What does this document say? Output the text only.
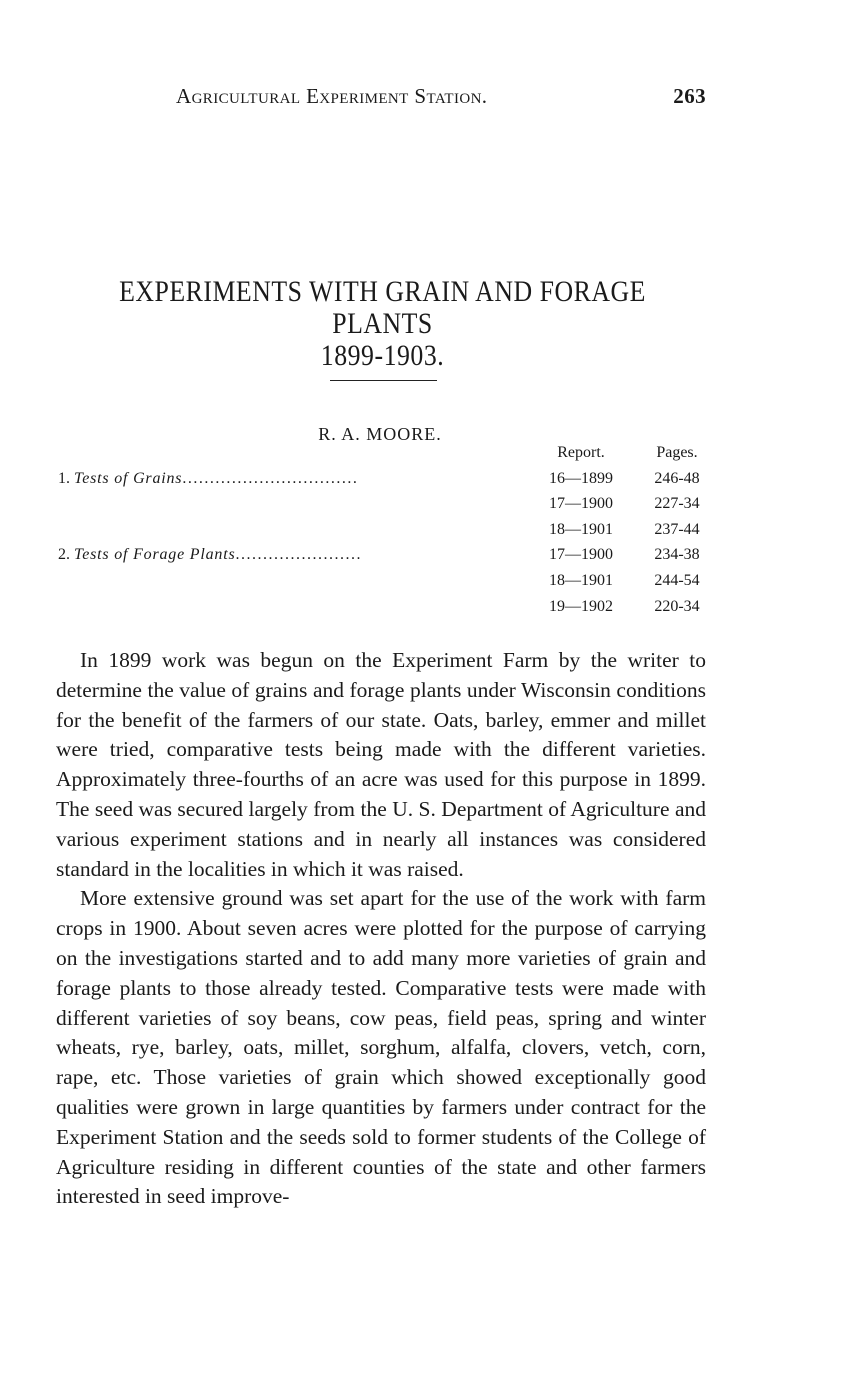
Agricultural Experiment Station.	263
EXPERIMENTS WITH GRAIN AND FORAGE PLANTS
1899-1903.
R. A. MOORE.
Report.	Pages.
1. Tests of Grains................................	16—1899	246-48
17—1900	227-34
18—1901	237-44
2. Tests of Forage Plants.......................	17—1900	234-38
18—1901	244-54
19—1902	220-34

In 1899 work was begun on the Experiment Farm by the writer to determine the value of grains and forage plants under Wisconsin conditions for the benefit of the farmers of our state. Oats, barley, emmer and millet were tried, comparative tests being made with the different varieties. Approximately three-fourths of an acre was used for this purpose in 1899. The seed was secured largely from the U. S. Department of Agriculture and various experiment stations and in nearly all instances was considered standard in the localities in which it was raised.

More extensive ground was set apart for the use of the work with farm crops in 1900. About seven acres were plotted for the purpose of carrying on the investigations started and to add many more varieties of grain and forage plants to those already tested. Comparative tests were made with different varieties of soy beans, cow peas, field peas, spring and winter wheats, rye, barley, oats, millet, sorghum, alfalfa, clovers, vetch, corn, rape, etc. Those varieties of grain which showed exceptionally good qualities were grown in large quantities by farmers under contract for the Experiment Station and the seeds sold to former students of the College of Agriculture residing in different counties of the state and other farmers interested in seed improve-
